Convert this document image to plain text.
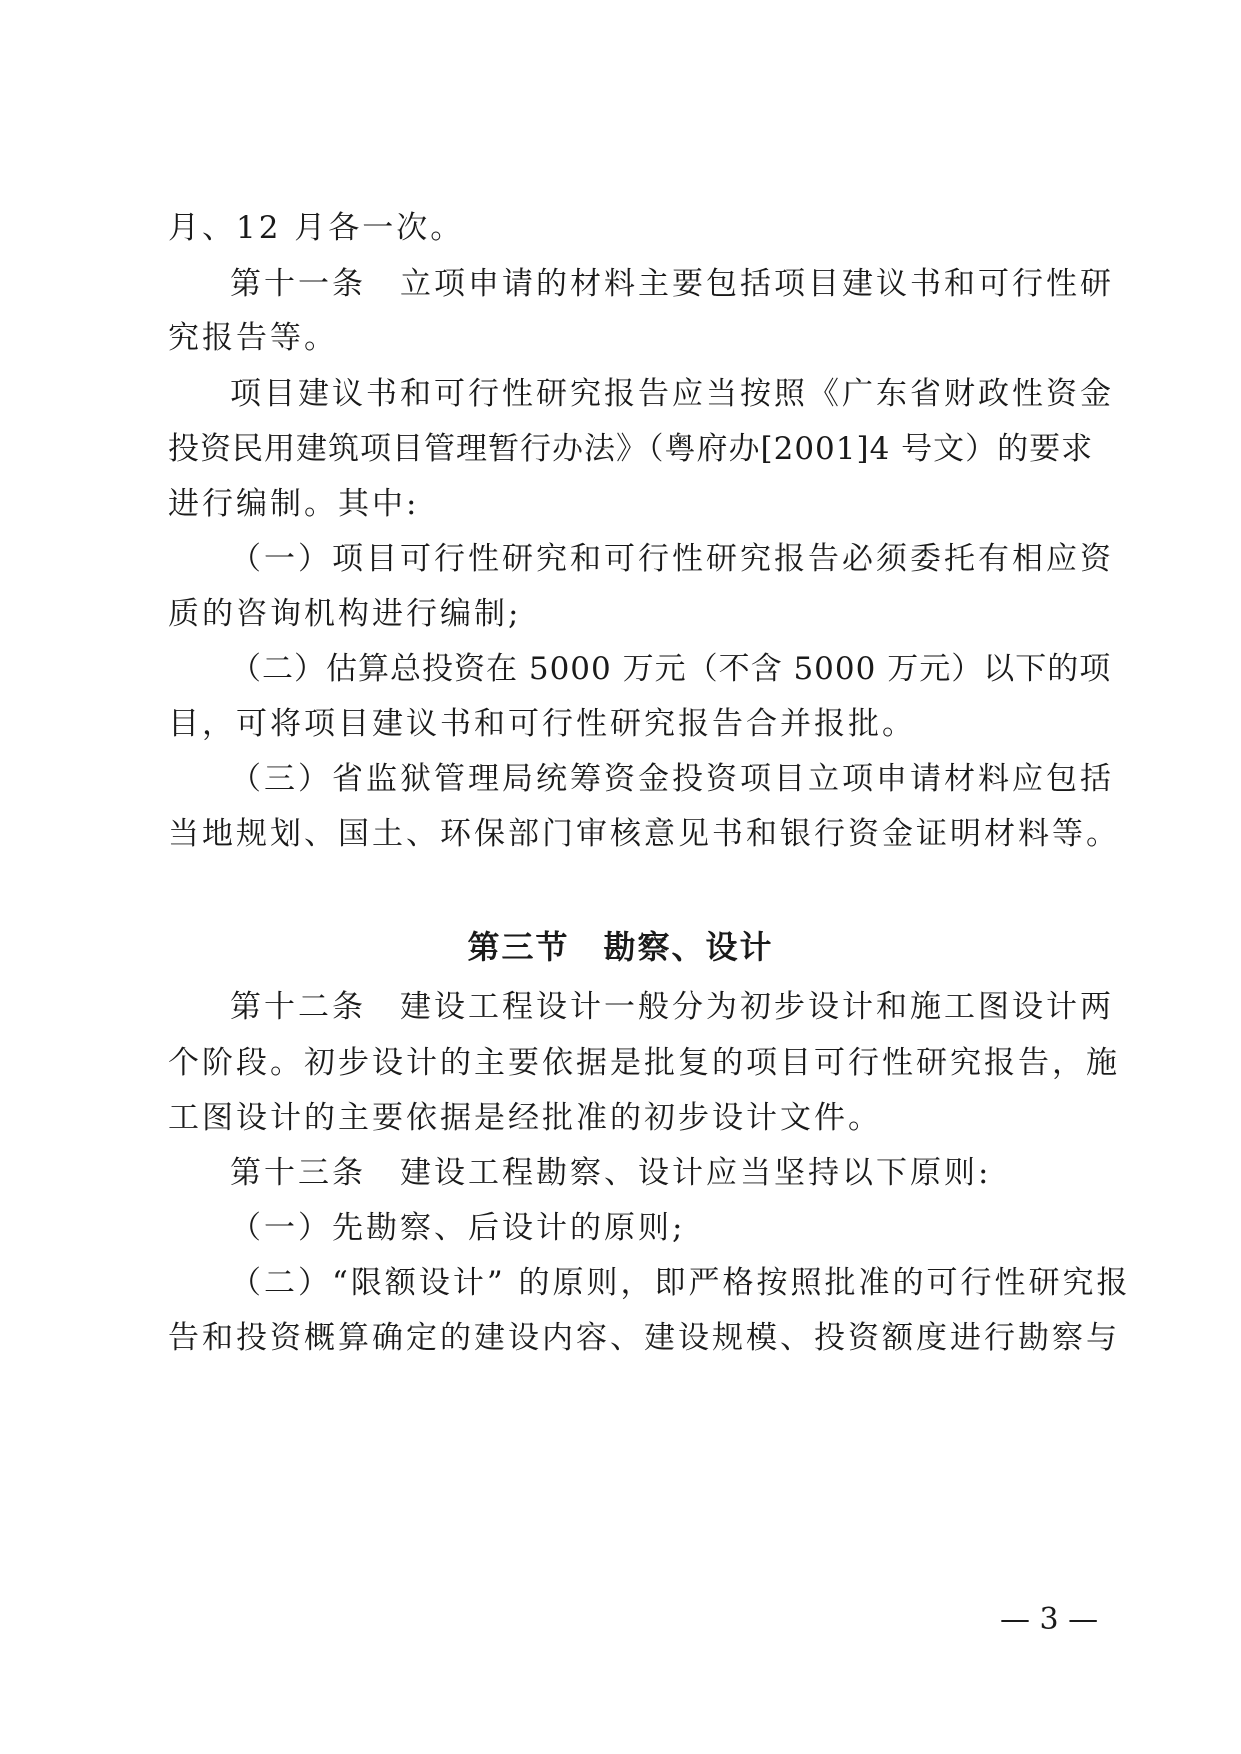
月、12 月各一次。
第十一条　立项申请的材料主要包括项目建议书和可行性研
究报告等。
项目建议书和可行性研究报告应当按照《广东省财政性资金
投资民用建筑项目管理暂行办法》（粤府办[2001]4 号文）的要求
进行编制。其中:
（一）项目可行性研究和可行性研究报告必须委托有相应资
质的咨询机构进行编制;
（二）估算总投资在 5000 万元（不含 5000 万元）以下的项
目，可将项目建议书和可行性研究报告合并报批。
（三）省监狱管理局统筹资金投资项目立项申请材料应包括
当地规划、国土、环保部门审核意见书和银行资金证明材料等。
第三节　勘察、设计
第十二条　建设工程设计一般分为初步设计和施工图设计两
个阶段。初步设计的主要依据是批复的项目可行性研究报告，施
工图设计的主要依据是经批准的初步设计文件。
第十三条　建设工程勘察、设计应当坚持以下原则:
（一）先勘察、后设计的原则;
（二）“限额设计” 的原则，即严格按照批准的可行性研究报
告和投资概算确定的建设内容、建设规模、投资额度进行勘察与
— 3 —
